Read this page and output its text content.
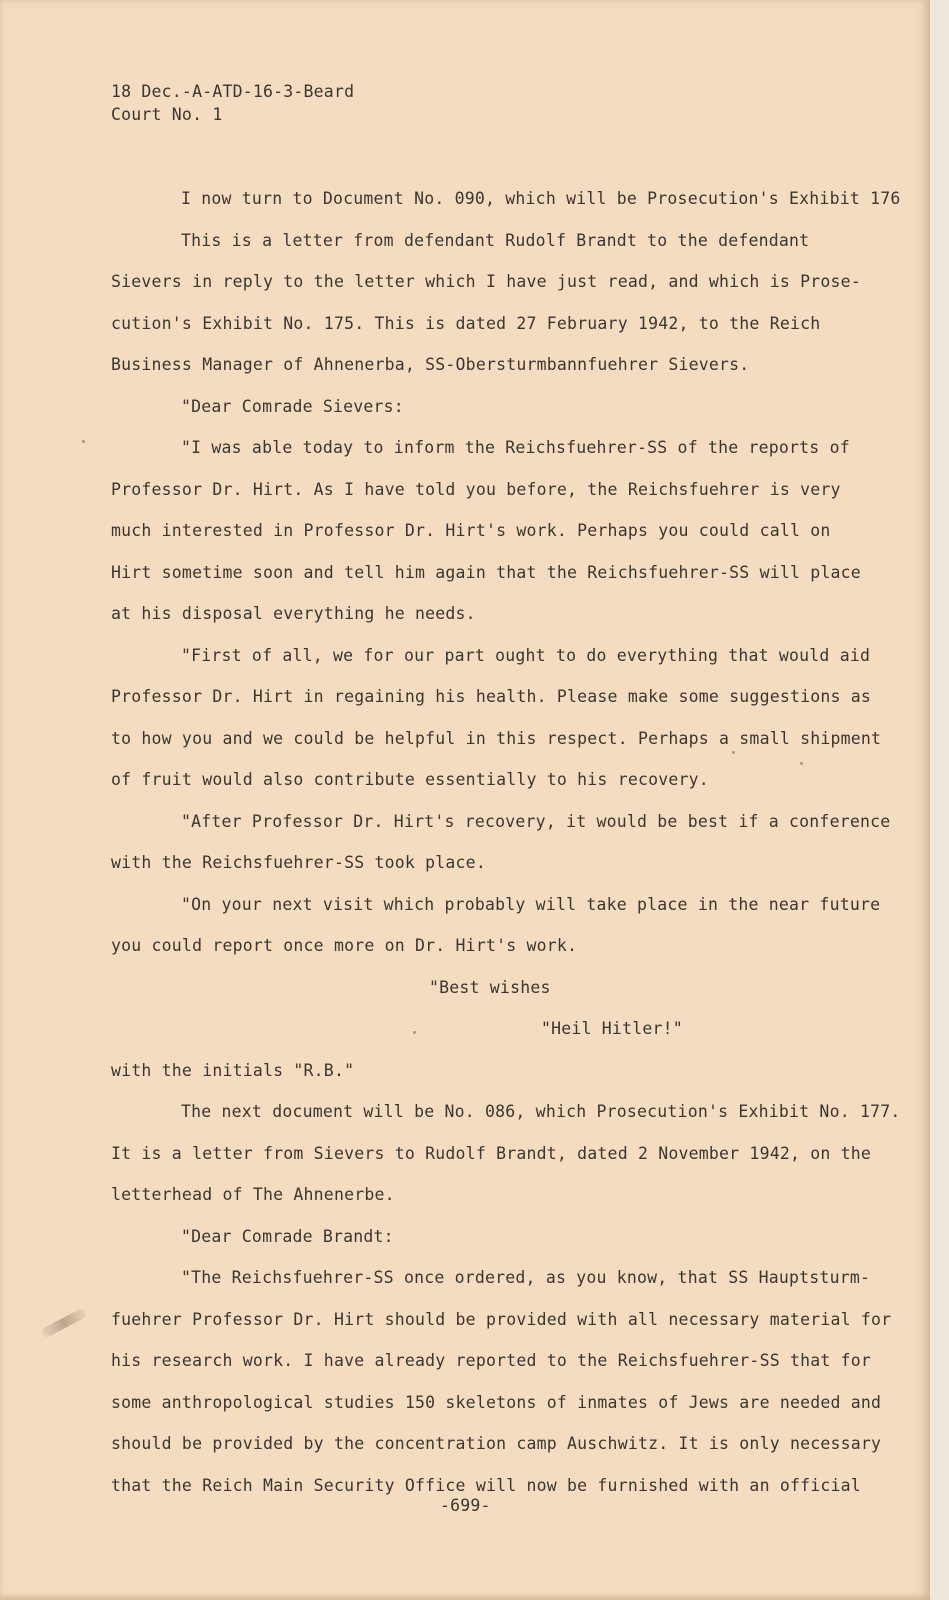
18 Dec.-A-ATD-16-3-Beard
Court No. 1
I now turn to Document No. 090, which will be Prosecution's Exhibit 176
This is a letter from defendant Rudolf Brandt to the defendant
Sievers in reply to the letter which I have just read, and which is Prose-
cution's Exhibit No. 175. This is dated 27 February 1942, to the Reich
Business Manager of Ahnenerba, SS-Obersturmbannfuehrer Sievers.
"Dear Comrade Sievers:
"I was able today to inform the Reichsfuehrer-SS of the reports of
Professor Dr. Hirt. As I have told you before, the Reichsfuehrer is very
much interested in Professor Dr. Hirt's work. Perhaps you could call on
Hirt sometime soon and tell him again that the Reichsfuehrer-SS will place
at his disposal everything he needs.
"First of all, we for our part ought to do everything that would aid
Professor Dr. Hirt in regaining his health. Please make some suggestions as
to how you and we could be helpful in this respect. Perhaps a small shipment
of fruit would also contribute essentially to his recovery.
"After Professor Dr. Hirt's recovery, it would be best if a conference
with the Reichsfuehrer-SS took place.
"On your next visit which probably will take place in the near future
you could report once more on Dr. Hirt's work.
"Best wishes
"Heil Hitler!"
with the initials "R.B."
The next document will be No. 086, which Prosecution's Exhibit No. 177.
It is a letter from Sievers to Rudolf Brandt, dated 2 November 1942, on the
letterhead of The Ahnenerbe.
"Dear Comrade Brandt:
"The Reichsfuehrer-SS once ordered, as you know, that SS Hauptsturm-
fuehrer Professor Dr. Hirt should be provided with all necessary material for
his research work. I have already reported to the Reichsfuehrer-SS that for
some anthropological studies 150 skeletons of inmates of Jews are needed and
should be provided by the concentration camp Auschwitz. It is only necessary
that the Reich Main Security Office will now be furnished with an official
-699-
